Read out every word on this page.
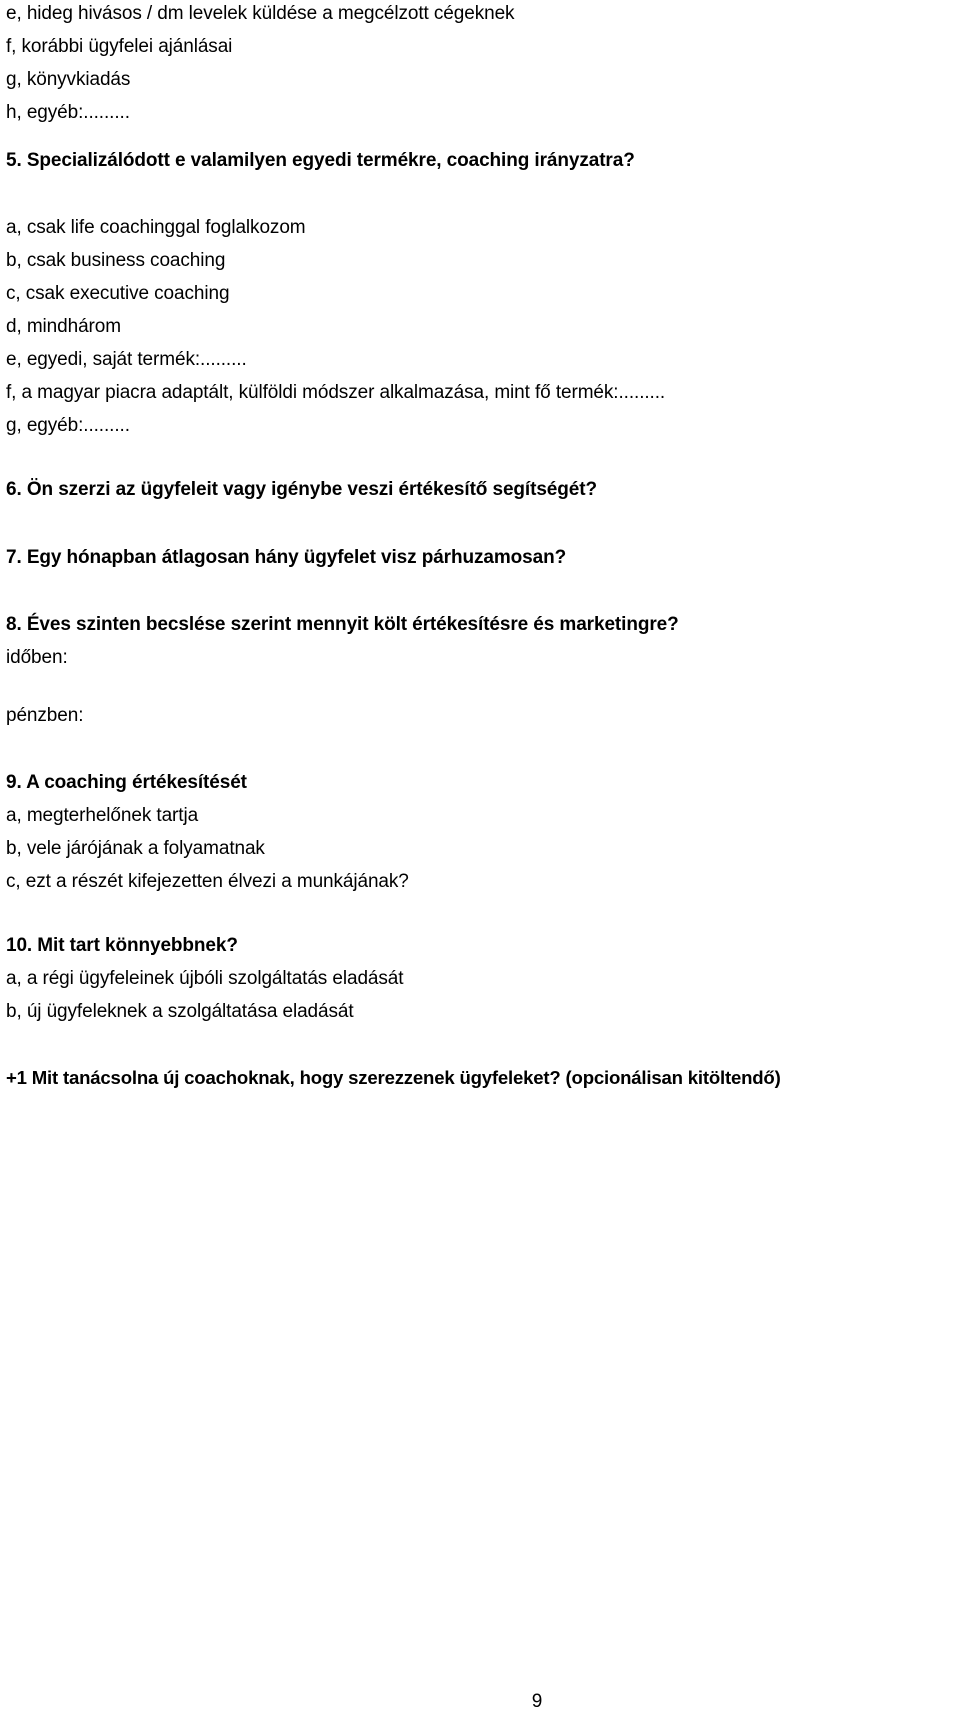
e, hideg hivásos / dm levelek küldése a megcélzott cégeknek
f, korábbi ügyfelei ajánlásai
g, könyvkiadás
h, egyéb:.........
5. Specializálódott e valamilyen egyedi termékre, coaching irányzatra?
a, csak life coachinggal foglalkozom
b, csak business coaching
c, csak executive coaching
d, mindhárom
e, egyedi, saját termék:.........
f, a magyar piacra adaptált, külföldi módszer alkalmazása, mint fő termék:.........
g, egyéb:.........
6. Ön szerzi az ügyfeleit vagy igénybe veszi értékesítő segítségét?
7. Egy hónapban átlagosan hány ügyfelet visz párhuzamosan?
8. Éves szinten becslése szerint mennyit költ értékesítésre és marketingre?
időben:
pénzben:
9. A coaching értékesítését
a, megterhelőnek tartja
b, vele járójának a folyamatnak
c, ezt a részét kifejezetten élvezi a munkájának?
10. Mit tart könnyebbnek?
a, a régi ügyfeleinek újbóli szolgáltatás eladását
b, új ügyfeleknek a szolgáltatása eladását
+1 Mit tanácsolna új coachoknak, hogy szerezzenek ügyfeleket? (opcionálisan kitöltendő)
9
